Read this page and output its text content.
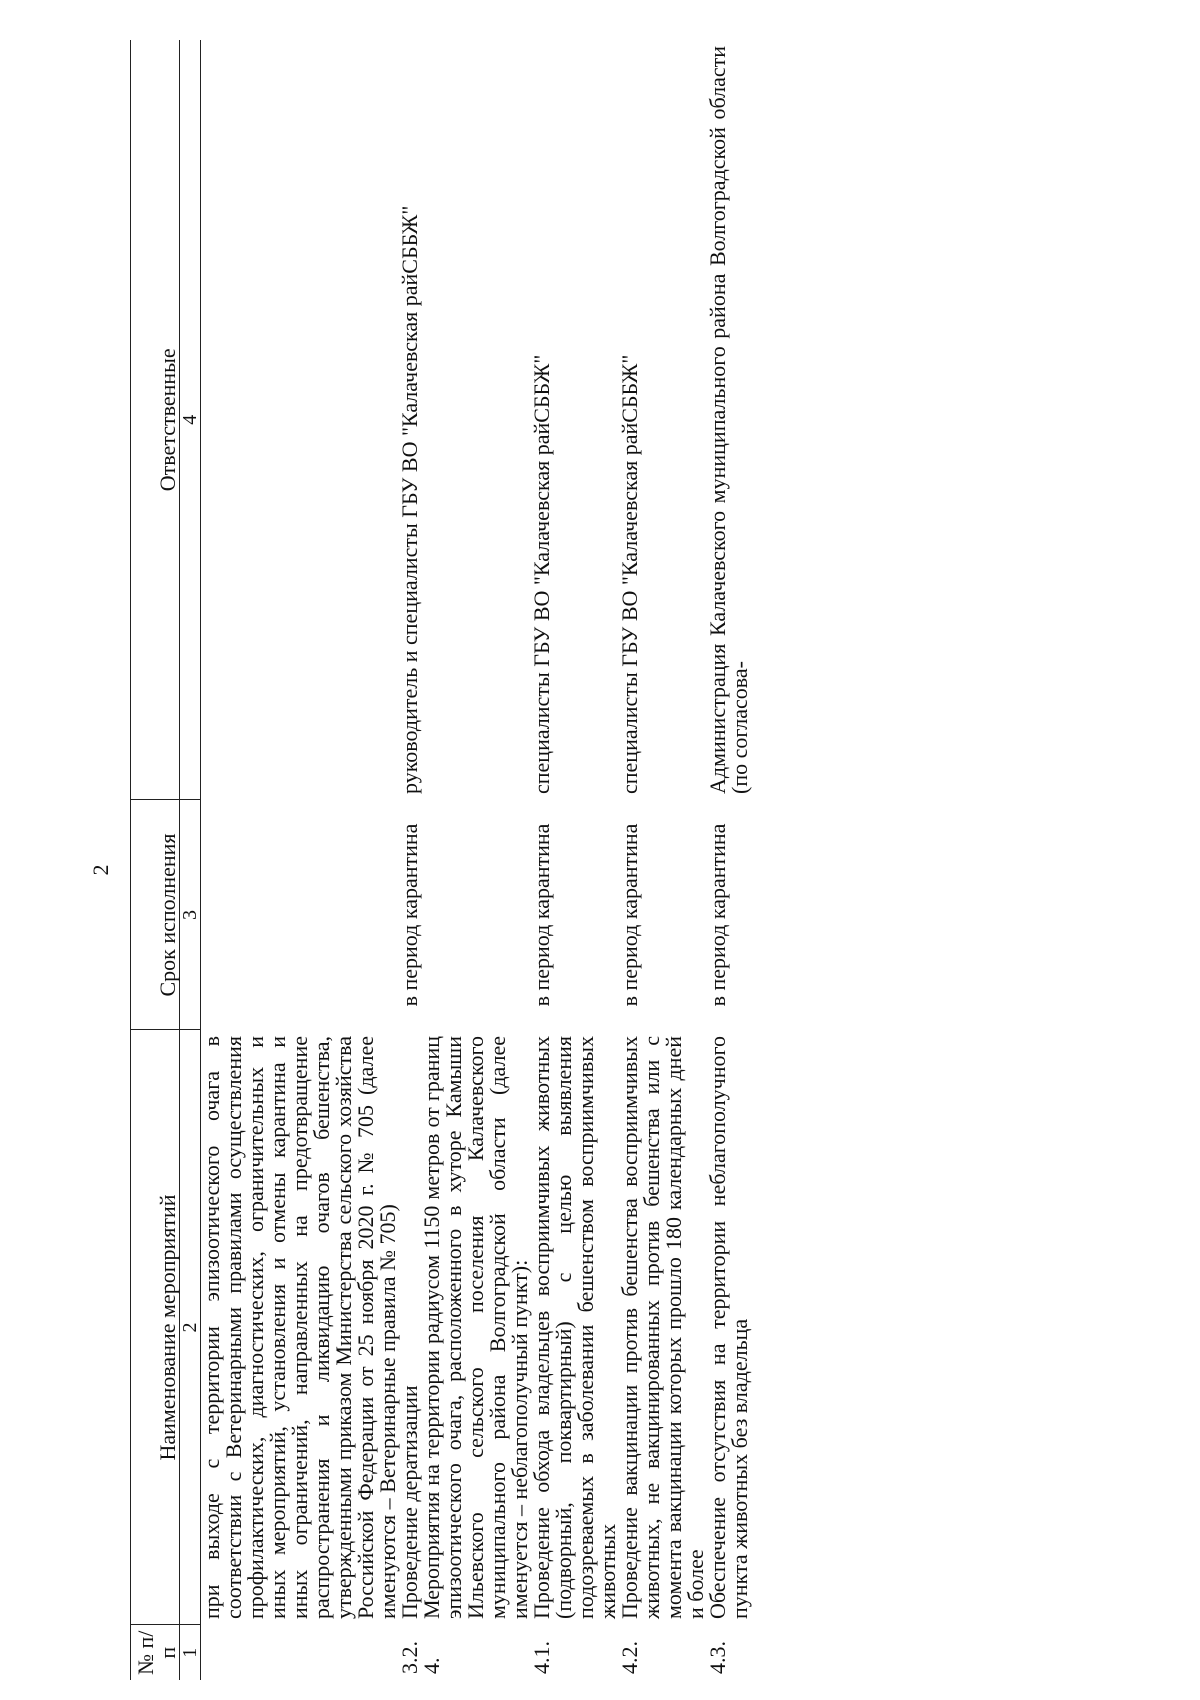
2
№ п/п	Наименование мероприятий	Срок исполнения	Ответственные
1	2	3	4
	при выходе с территории эпизоотического очага в соответствии с Ветеринарными правилами осуществления профилактических, диагностических, ограничительных и иных мероприятий, установления и отмены карантина и иных ограничений, направленных на предотвращение распространения и ликвидацию очагов бешенства, утвержденными приказом Министерства сельского хозяйства Российской Федерации от 25 ноября 2020 г. № 705 (далее именуются – Ветеринарные правила № 705)		
3.2.	Проведение дератизации	в период карантина	руководитель и специалисты ГБУ ВО "Калачевская райСББЖ"
4.	Мероприятия на территории радиусом 1150 метров от границ эпизоотического очага, расположенного в хуторе Камыши Ильевского сельского поселения Калачевского муниципального района Волгоградской области (далее именуется – неблагополучный пункт):		
4.1.	Проведение обхода владельцев восприимчивых животных (подворный, поквартирный) с целью выявления подозреваемых в заболевании бешенством восприимчивых животных	в период карантина	специалисты ГБУ ВО "Калачевская райСББЖ"
4.2.	Проведение вакцинации против бешенства восприимчивых животных, не вакцинированных против бешенства или с момента вакцинации которых прошло 180 календарных дней и более	в период карантина	специалисты ГБУ ВО "Калачевская райСББЖ"
4.3.	Обеспечение отсутствия на территории неблагополучного пункта животных без владельца	в период карантина	Администрация Калачевского муниципального района Волгоградской области (по согласова-
